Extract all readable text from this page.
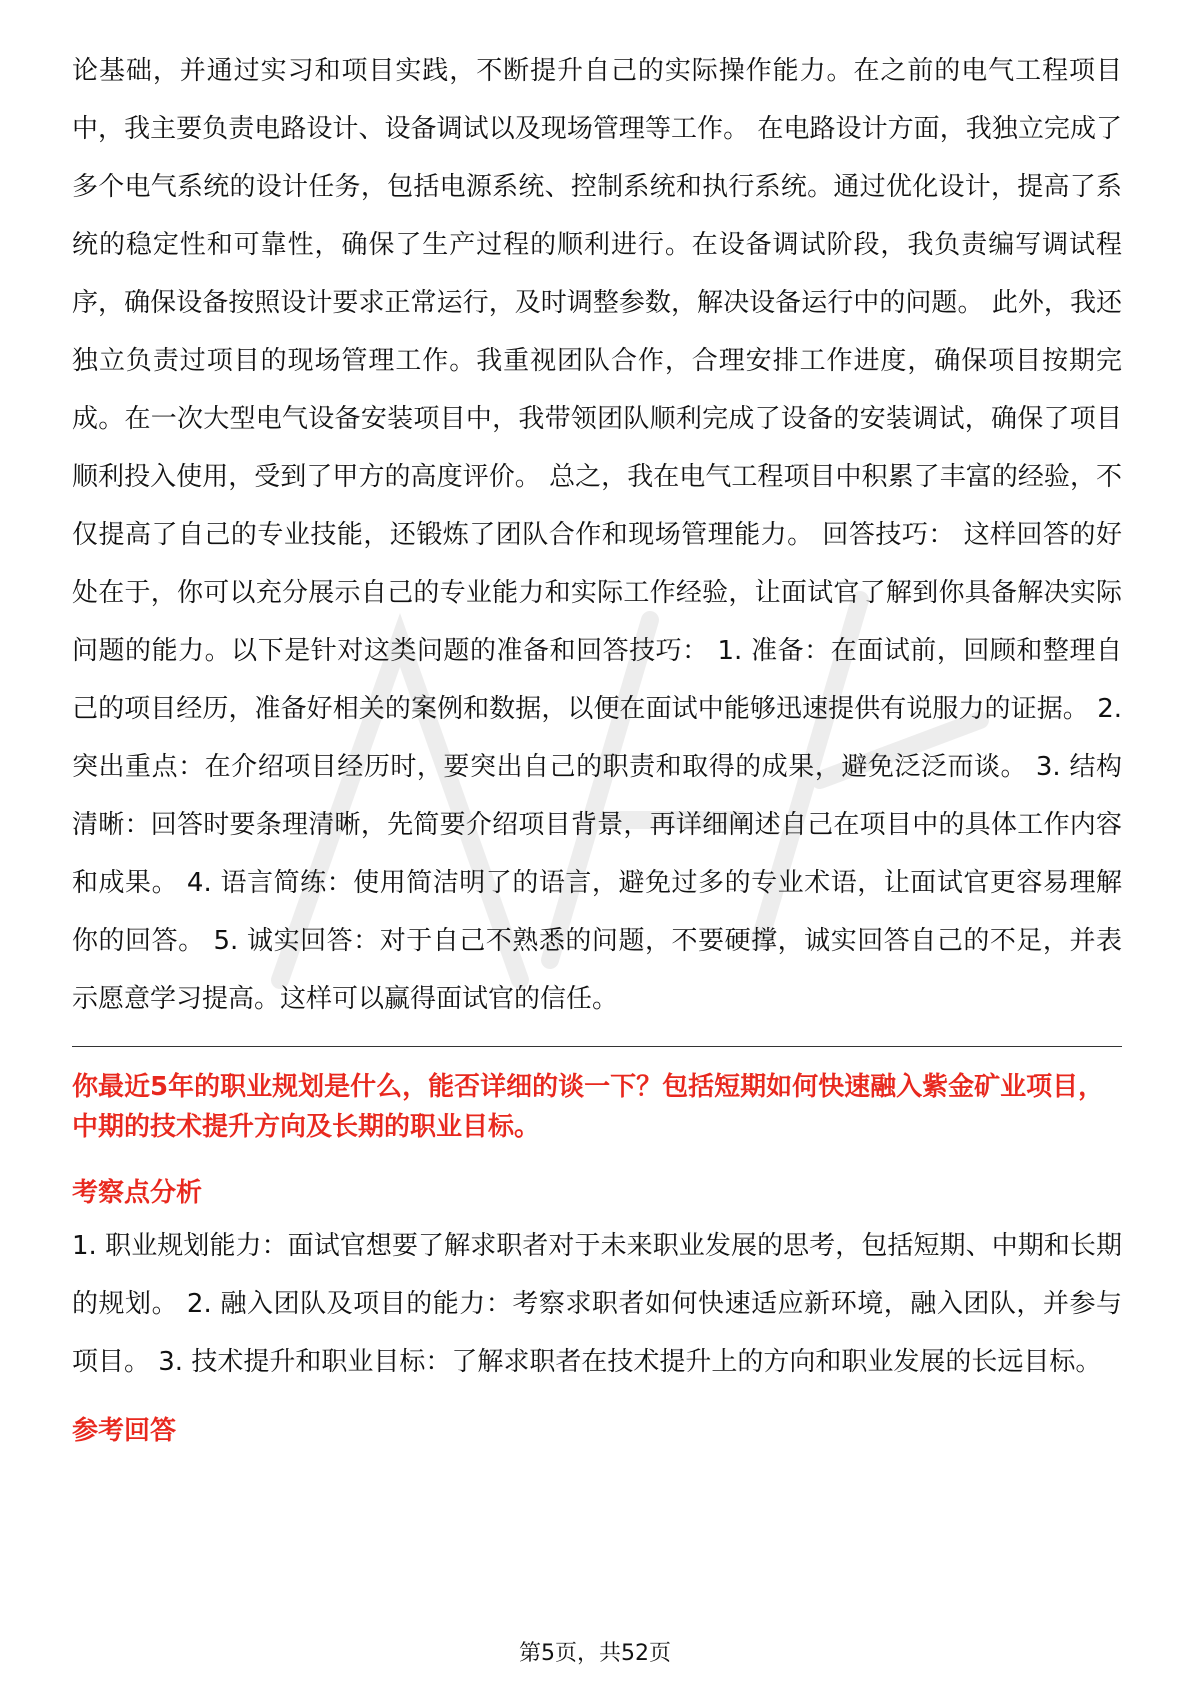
论基础，并通过实习和项目实践，不断提升自己的实际操作能力。在之前的电气工程项目中，我主要负责电路设计、设备调试以及现场管理等工作。 在电路设计方面，我独立完成了多个电气系统的设计任务，包括电源系统、控制系统和执行系统。通过优化设计，提高了系统的稳定性和可靠性，确保了生产过程的顺利进行。在设备调试阶段，我负责编写调试程序，确保设备按照设计要求正常运行，及时调整参数，解决设备运行中的问题。 此外，我还独立负责过项目的现场管理工作。我重视团队合作，合理安排工作进度，确保项目按期完成。在一次大型电气设备安装项目中，我带领团队顺利完成了设备的安装调试，确保了项目顺利投入使用，受到了甲方的高度评价。 总之，我在电气工程项目中积累了丰富的经验，不仅提高了自己的专业技能，还锻炼了团队合作和现场管理能力。 回答技巧： 这样回答的好处在于，你可以充分展示自己的专业能力和实际工作经验，让面试官了解到你具备解决实际问题的能力。以下是针对这类问题的准备和回答技巧： 1. 准备：在面试前，回顾和整理自己的项目经历，准备好相关的案例和数据，以便在面试中能够迅速提供有说服力的证据。 2. 突出重点：在介绍项目经历时，要突出自己的职责和取得的成果，避免泛泛而谈。 3. 结构清晰：回答时要条理清晰，先简要介绍项目背景，再详细阐述自己在项目中的具体工作内容和成果。 4. 语言简练：使用简洁明了的语言，避免过多的专业术语，让面试官更容易理解你的回答。 5. 诚实回答：对于自己不熟悉的问题，不要硬撑，诚实回答自己的不足，并表示愿意学习提高。这样可以赢得面试官的信任。

你最近5年的职业规划是什么，能否详细的谈一下？包括短期如何快速融入紫金矿业项目，中期的技术提升方向及长期的职业目标。
考察点分析

1. 职业规划能力：面试官想要了解求职者对于未来职业发展的思考，包括短期、中期和长期的规划。 2. 融入团队及项目的能力：考察求职者如何快速适应新环境，融入团队，并参与项目。 3. 技术提升和职业目标：了解求职者在技术提升上的方向和职业发展的长远目标。

参考回答
第5页，共52页
